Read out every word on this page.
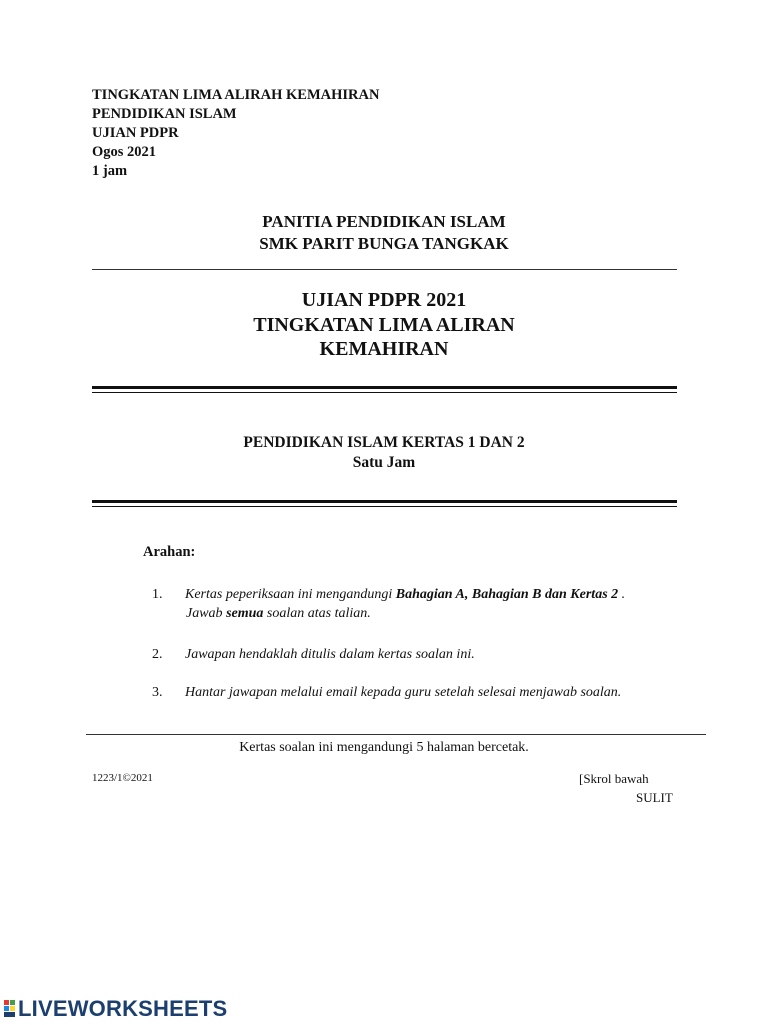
TINGKATAN LIMA ALIRAH KEMAHIRAN
PENDIDIKAN ISLAM
UJIAN PDPR
Ogos 2021
1 jam
PANITIA PENDIDIKAN ISLAM
SMK PARIT BUNGA TANGKAK
UJIAN PDPR 2021
TINGKATAN LIMA ALIRAN
KEMAHIRAN
PENDIDIKAN ISLAM KERTAS 1 DAN 2
Satu Jam
Arahan:
1.	Kertas peperiksaan ini mengandungi Bahagian A, Bahagian B dan Kertas 2 .
Jawab semua soalan atas talian.
2.	Jawapan hendaklah ditulis dalam kertas soalan ini.
3.	Hantar jawapan melalui email kepada guru setelah selesai menjawab soalan.
Kertas soalan ini mengandungi 5 halaman bercetak.
1223/1©2021	[Skrol bawah
SULIT
LIVEWORKSHEETS
